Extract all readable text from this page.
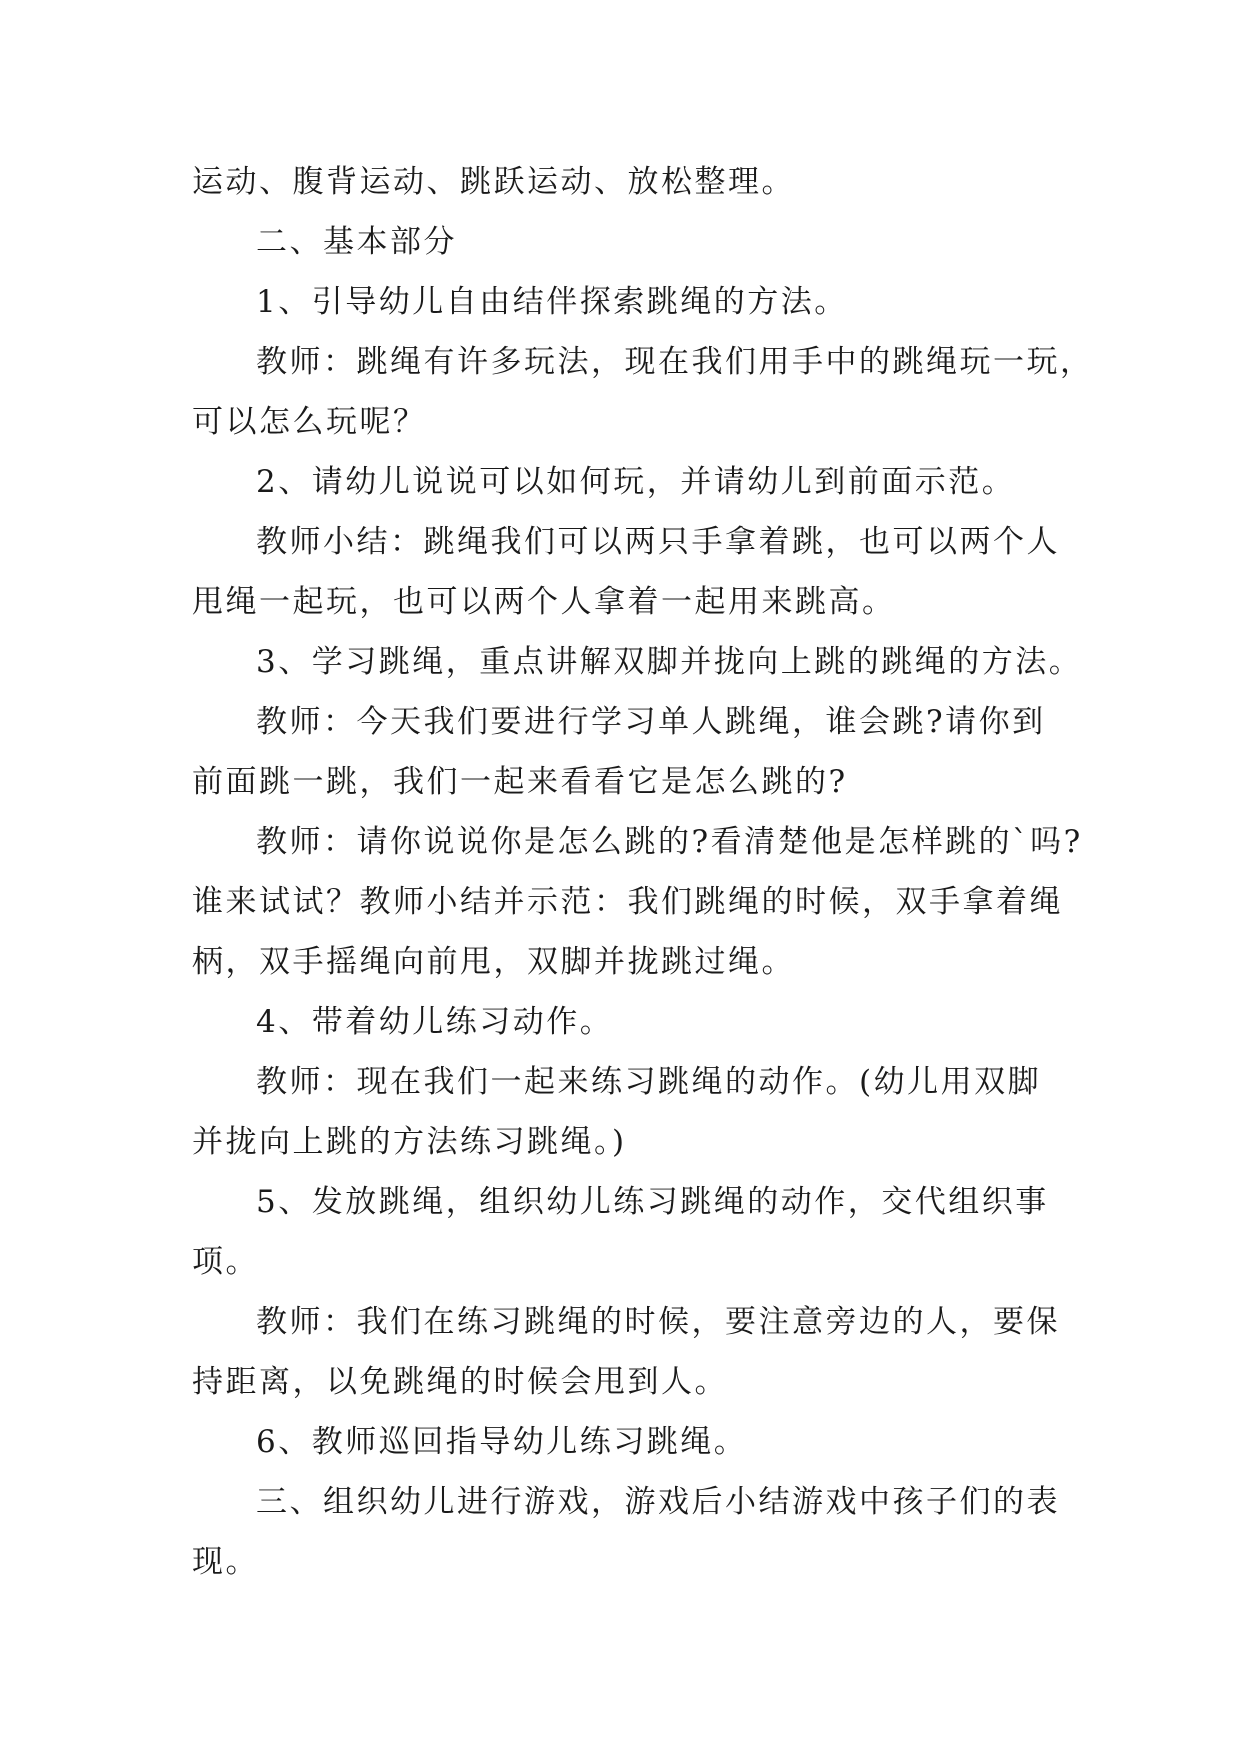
运动、腹背运动、跳跃运动、放松整理。

二、基本部分

1、引导幼儿自由结伴探索跳绳的方法。

教师：跳绳有许多玩法，现在我们用手中的跳绳玩一玩，

可以怎么玩呢？

2、请幼儿说说可以如何玩，并请幼儿到前面示范。

教师小结：跳绳我们可以两只手拿着跳，也可以两个人

甩绳一起玩，也可以两个人拿着一起用来跳高。

3、学习跳绳，重点讲解双脚并拢向上跳的跳绳的方法。

教师：今天我们要进行学习单人跳绳，谁会跳?请你到

前面跳一跳，我们一起来看看它是怎么跳的?

教师：请你说说你是怎么跳的?看清楚他是怎样跳的`吗?

谁来试试？教师小结并示范：我们跳绳的时候，双手拿着绳

柄，双手摇绳向前甩，双脚并拢跳过绳。

4、带着幼儿练习动作。

教师：现在我们一起来练习跳绳的动作。(幼儿用双脚

并拢向上跳的方法练习跳绳。)

5、发放跳绳，组织幼儿练习跳绳的动作，交代组织事

项。

教师：我们在练习跳绳的时候，要注意旁边的人，要保

持距离，以免跳绳的时候会甩到人。

6、教师巡回指导幼儿练习跳绳。

三、组织幼儿进行游戏，游戏后小结游戏中孩子们的表

现。
